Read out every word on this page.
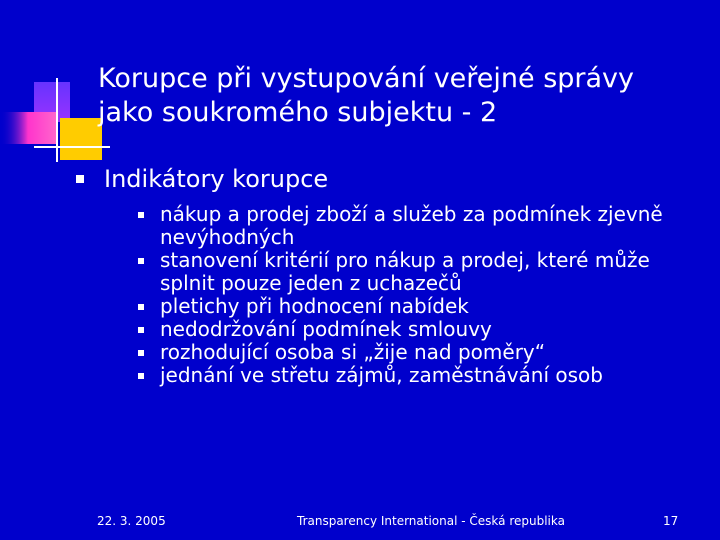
Korupce při vystupování veřejné správy
jako soukromého subjektu - 2
Indikátory korupce
nákup a prodej zboží a služeb za podmínek zjevně
nevýhodných
stanovení kritérií pro nákup a prodej, které může
splnit pouze jeden z uchazečů
pletichy při hodnocení nabídek
nedodržování podmínek smlouvy
rozhodující osoba si „žije nad poměry“
jednání ve střetu zájmů, zaměstnávání osob
22. 3. 2005	Transparency International - Česká republika	17
